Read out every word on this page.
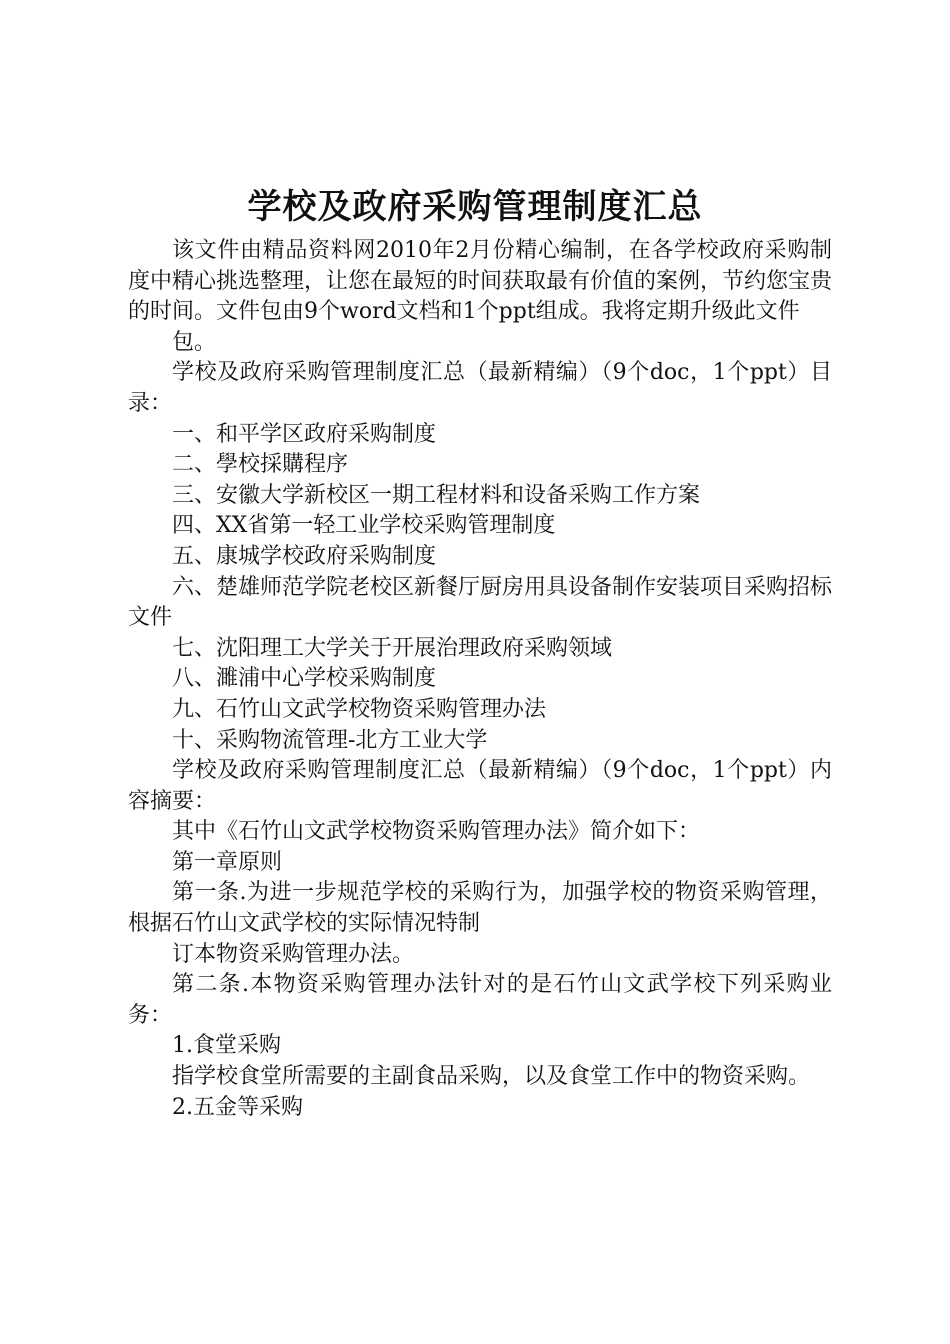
学校及政府采购管理制度汇总

该文件由精品资料网2010年2月份精心编制，在各学校政府采购制度中精心挑选整理，让您在最短的时间获取最有价值的案例，节约您宝贵的时间。文件包由9个word文档和1个ppt组成。我将定期升级此文件

包。

学校及政府采购管理制度汇总（最新精编）（9个doc，1个ppt）目录：

一、和平学区政府采购制度

二、學校採購程序

三、安徽大学新校区一期工程材料和设备采购工作方案

四、XX省第一轻工业学校采购管理制度

五、康城学校政府采购制度

六、楚雄师范学院老校区新餐厅厨房用具设备制作安装项目采购招标文件

七、沈阳理工大学关于开展治理政府采购领域

八、濉浦中心学校采购制度

九、石竹山文武学校物资采购管理办法

十、采购物流管理-北方工业大学

学校及政府采购管理制度汇总（最新精编）（9个doc，1个ppt）内容摘要：

其中《石竹山文武学校物资采购管理办法》简介如下：

第一章原则

第一条.为进一步规范学校的采购行为，加强学校的物资采购管理，根据石竹山文武学校的实际情况特制

订本物资采购管理办法。

第二条.本物资采购管理办法针对的是石竹山文武学校下列采购业务：

1.食堂采购

指学校食堂所需要的主副食品采购，以及食堂工作中的物资采购。

2.五金等采购
